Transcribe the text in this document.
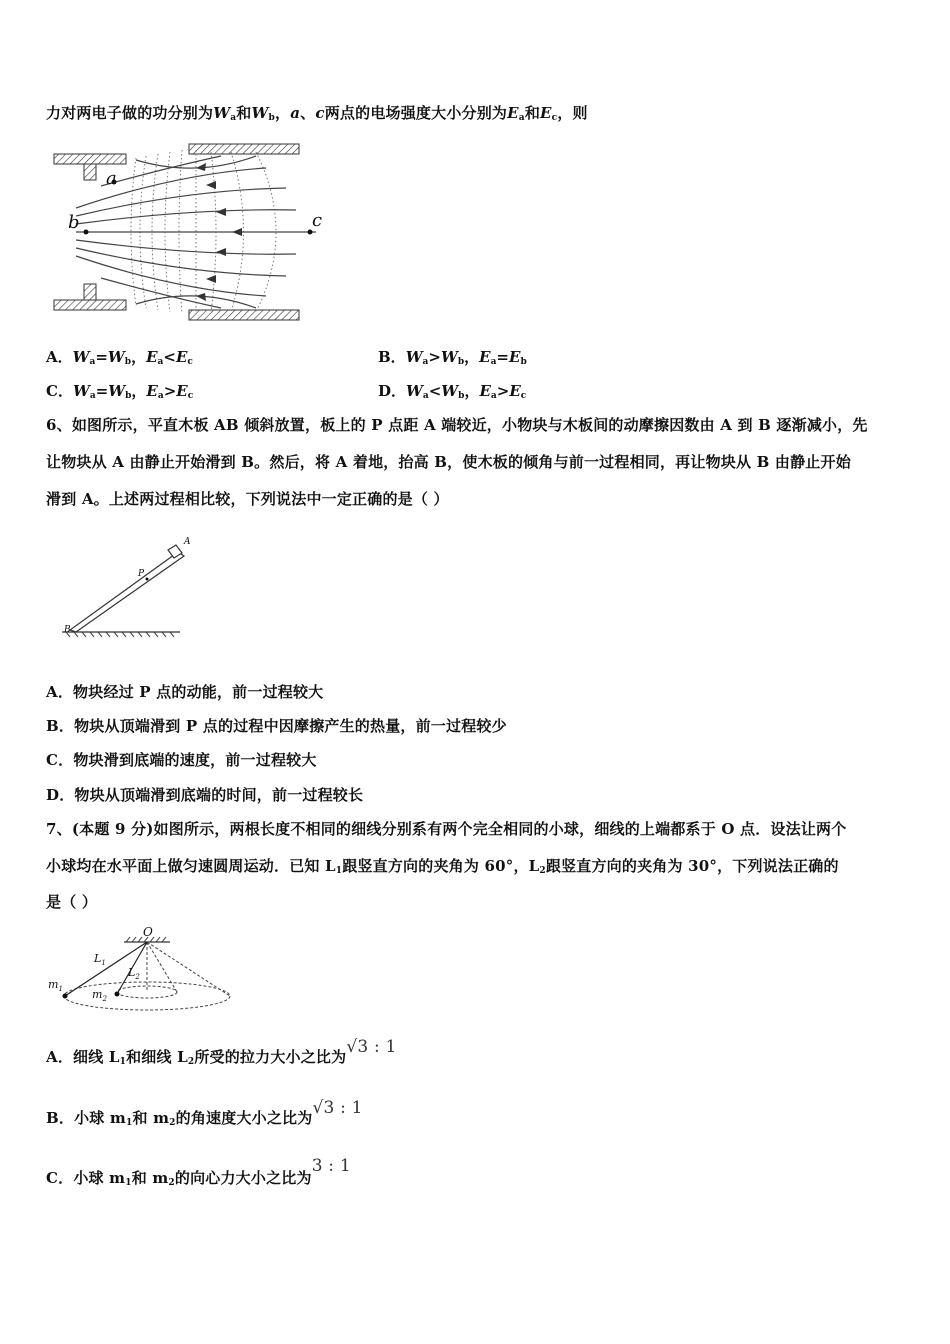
力对两电子做的功分别为$W_a$和$W_b$，a、c两点的电场强度大小分别为$E_a$和$E_c$，则
a
b	c
A．$W_a=W_b$，$E_a<E_c$	B．$W_a>W_b$，$E_a=E_b$
C．$W_a=W_b$，$E_a>E_c$	D．$W_a<W_b$，$E_a>E_c$
6、如图所示，平直木板 AB 倾斜放置，板上的 P 点距 A 端较近，小物块与木板间的动摩擦因数由 A 到 B 逐渐减小，先
让物块从 A 由静止开始滑到 B。然后，将 A 着地，抬高 B，使木板的倾角与前一过程相同，再让物块从 B 由静止开始
滑到 A。上述两过程相比较，下列说法中一定正确的是（ ）
A
B
P
A．物块经过 P 点的动能，前一过程较大
B．物块从顶端滑到 P 点的过程中因摩擦产生的热量，前一过程较少
C．物块滑到底端的速度，前一过程较大
D．物块从顶端滑到底端的时间，前一过程较长
7、(本题 9 分)如图所示，两根长度不相同的细线分别系有两个完全相同的小球，细线的上端都系于 O 点．设法让两个
小球均在水平面上做匀速圆周运动．已知 $L_1$跟竖直方向的夹角为 60°，$L_2$跟竖直方向的夹角为 30°，下列说法正确的
是（ ）
O
$L_1$
$L_2$
$m_1$	$m_2$
A．细线 $L_1$和细线 $L_2$所受的拉力大小之比为√3 : 1
B．小球 $m_1$和 $m_2$的角速度大小之比为√3 : 1
C．小球 $m_1$和 $m_2$的向心力大小之比为3 : 1
